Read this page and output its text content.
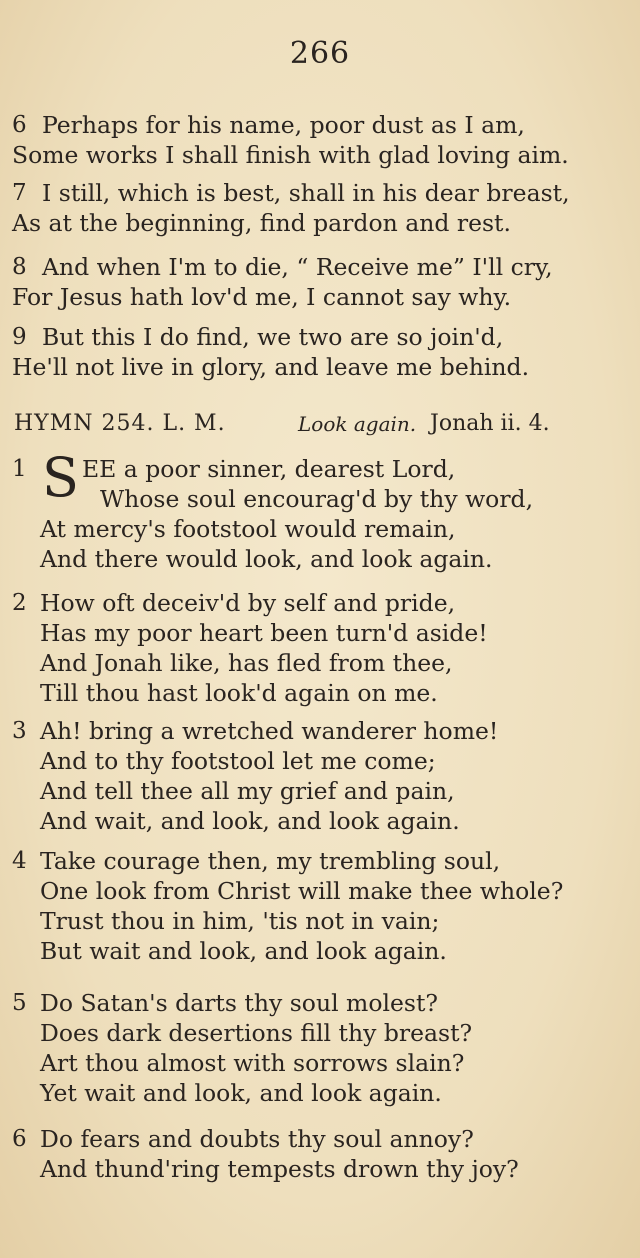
266
6 Perhaps for his name, poor dust as I am,
Some works I shall finish with glad loving aim.
7 I still, which is best, shall in his dear breast,
As at the beginning, find pardon and rest.
8 And when I'm to die, “ Receive me” I'll cry,
For Jesus hath lov'd me, I cannot say why.
9 But this I do find, we two are so join'd,
He'll not live in glory, and leave me behind.
HYMN 254. L. M.	Look again. Jonah ii. 4.
1 S EE a poor sinner, dearest Lord,
Whose soul encourag'd by thy word,
At mercy's footstool would remain,
And there would look, and look again.
2 How oft deceiv'd by self and pride,
Has my poor heart been turn'd aside!
And Jonah like, has fled from thee,
Till thou hast look'd again on me.
3 Ah! bring a wretched wanderer home!
And to thy footstool let me come;
And tell thee all my grief and pain,
And wait, and look, and look again.
4 Take courage then, my trembling soul,
One look from Christ will make thee whole?
Trust thou in him, 'tis not in vain;
But wait and look, and look again.
5 Do Satan's darts thy soul molest?
Does dark desertions fill thy breast?
Art thou almost with sorrows slain?
Yet wait and look, and look again.
6 Do fears and doubts thy soul annoy?
And thund'ring tempests drown thy joy?
